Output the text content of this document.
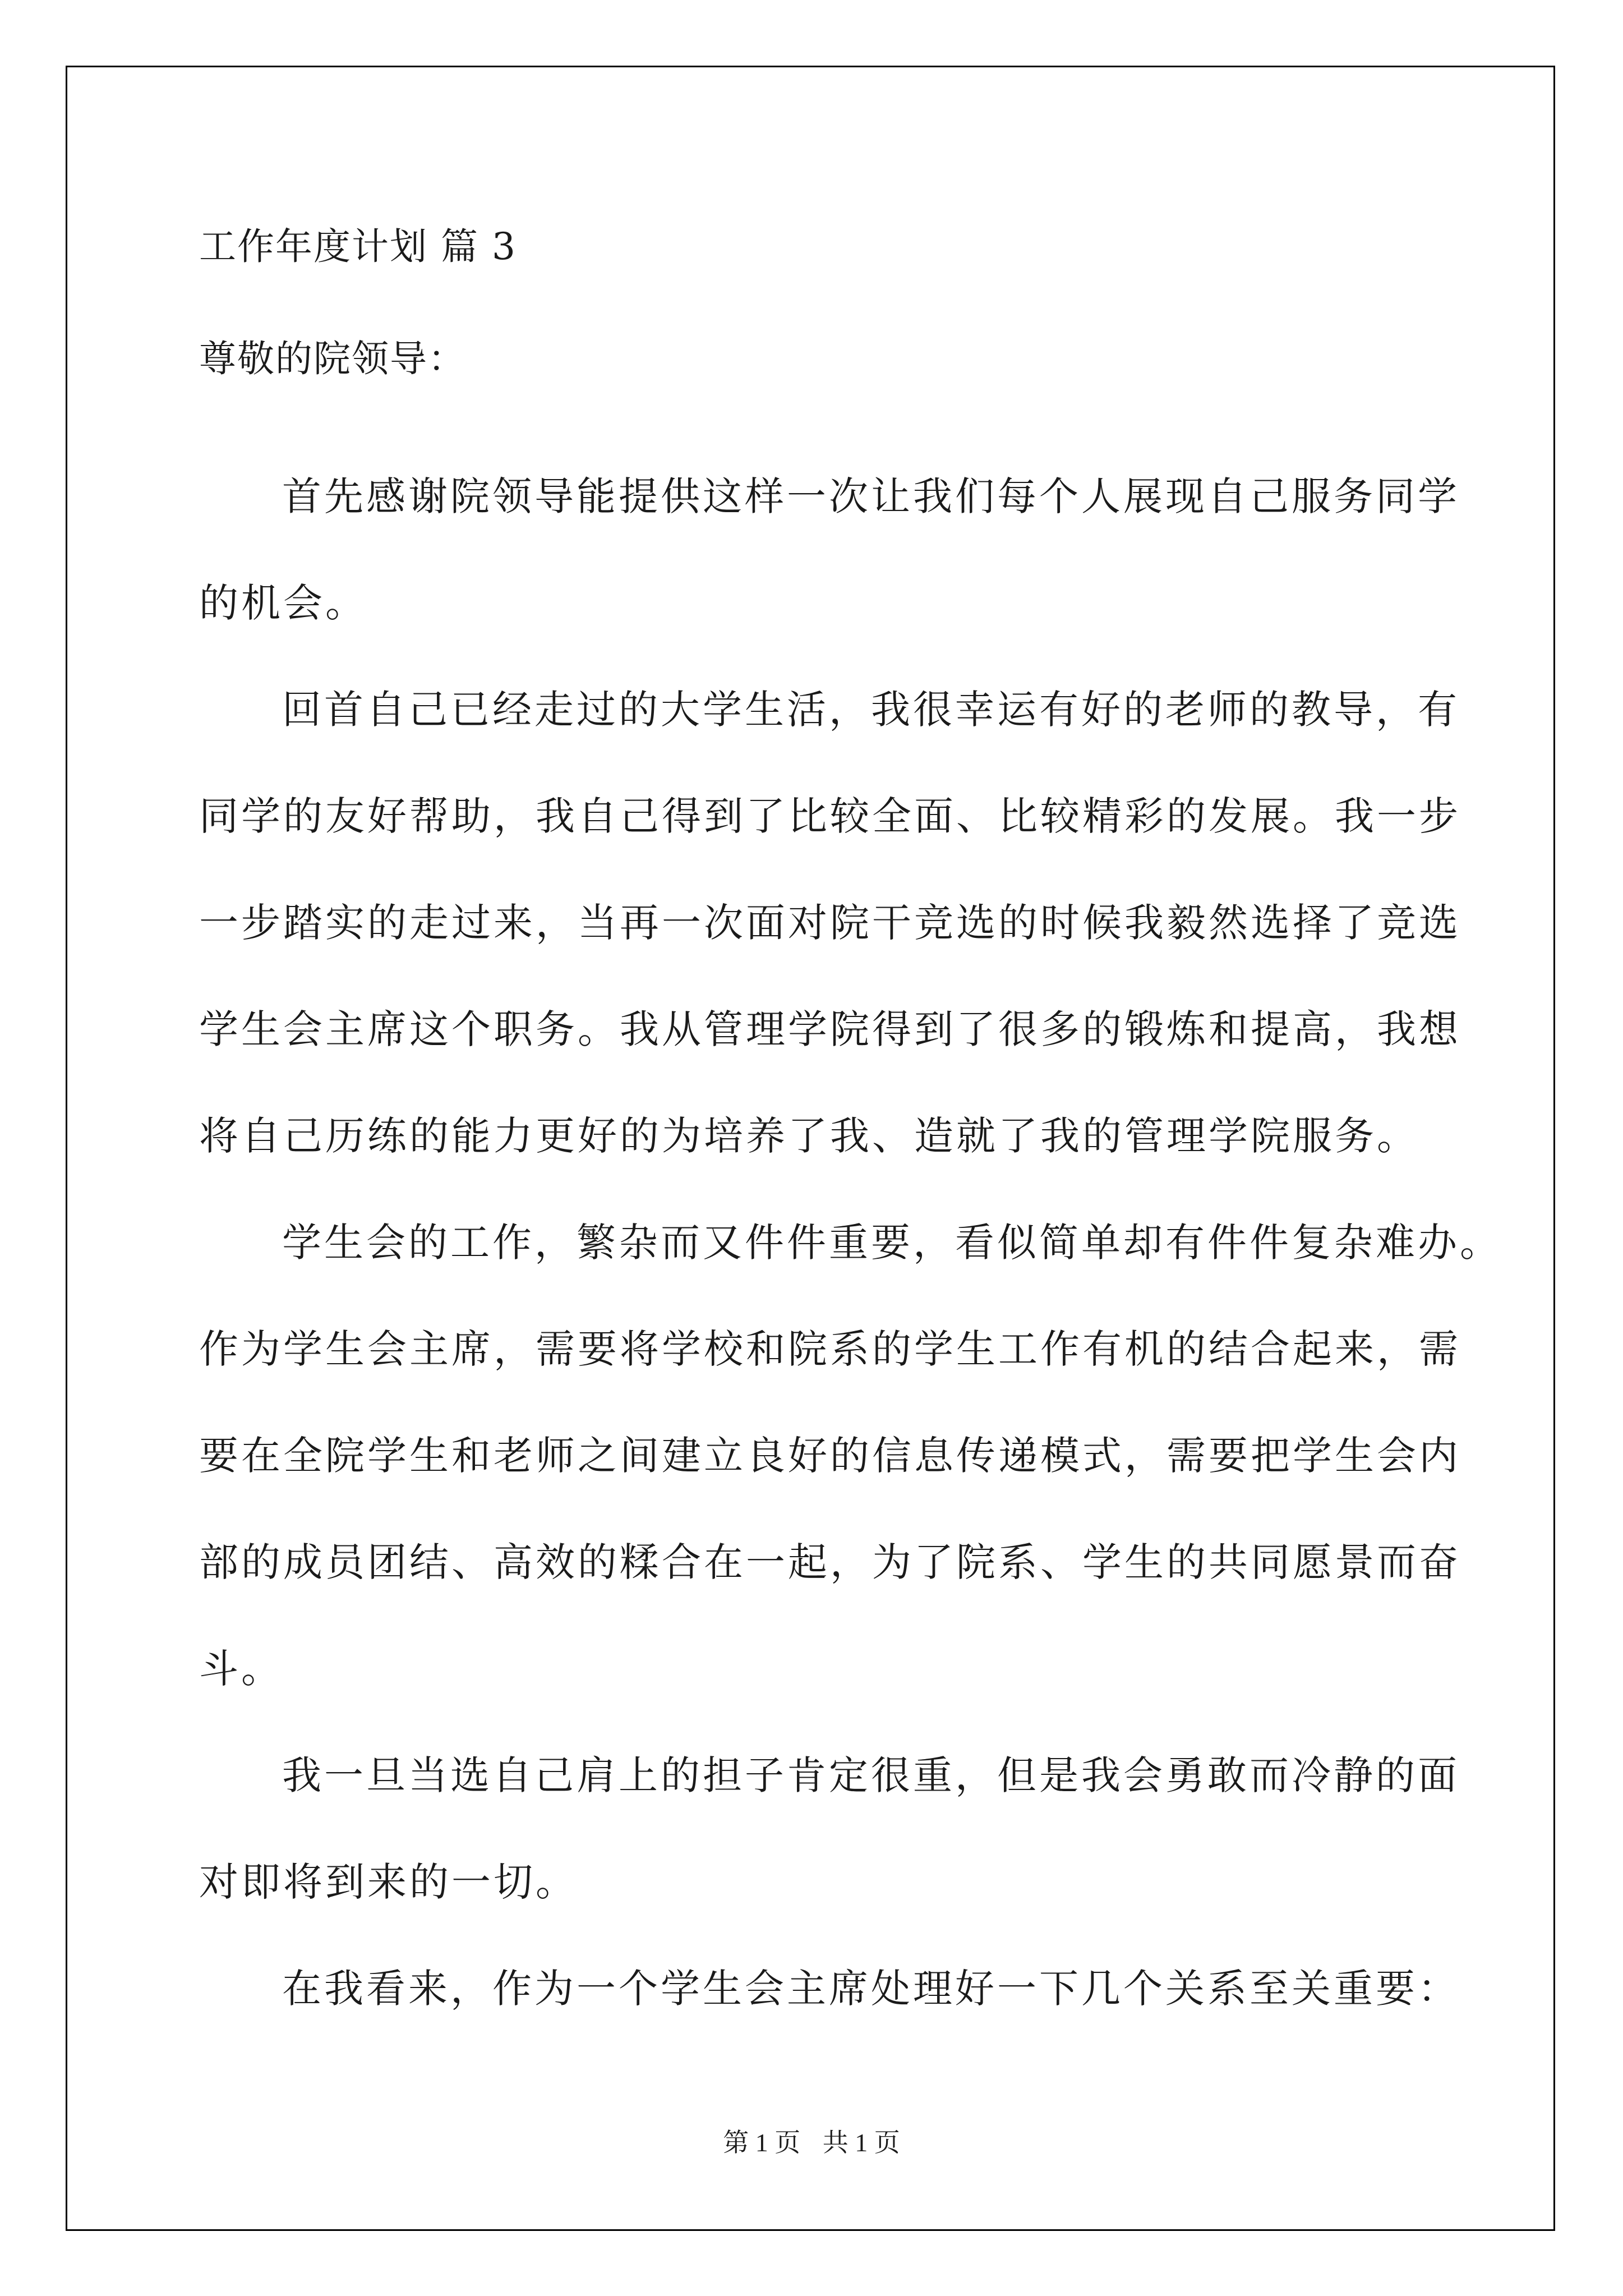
工作年度计划 篇 3
尊敬的院领导：
首先感谢院领导能提供这样一次让我们每个人展现自己服务同学
的机会。
回首自己已经走过的大学生活，我很幸运有好的老师的教导，有
同学的友好帮助，我自己得到了比较全面、比较精彩的发展。我一步
一步踏实的走过来，当再一次面对院干竞选的时候我毅然选择了竞选
学生会主席这个职务。我从管理学院得到了很多的锻炼和提高，我想
将自己历练的能力更好的为培养了我、造就了我的管理学院服务。
学生会的工作，繁杂而又件件重要，看似简单却有件件复杂难办。
作为学生会主席，需要将学校和院系的学生工作有机的结合起来，需
要在全院学生和老师之间建立良好的信息传递模式，需要把学生会内
部的成员团结、高效的糅合在一起，为了院系、学生的共同愿景而奋
斗。
我一旦当选自己肩上的担子肯定很重，但是我会勇敢而冷静的面
对即将到来的一切。
在我看来，作为一个学生会主席处理好一下几个关系至关重要：
第 1 页 共 1 页
